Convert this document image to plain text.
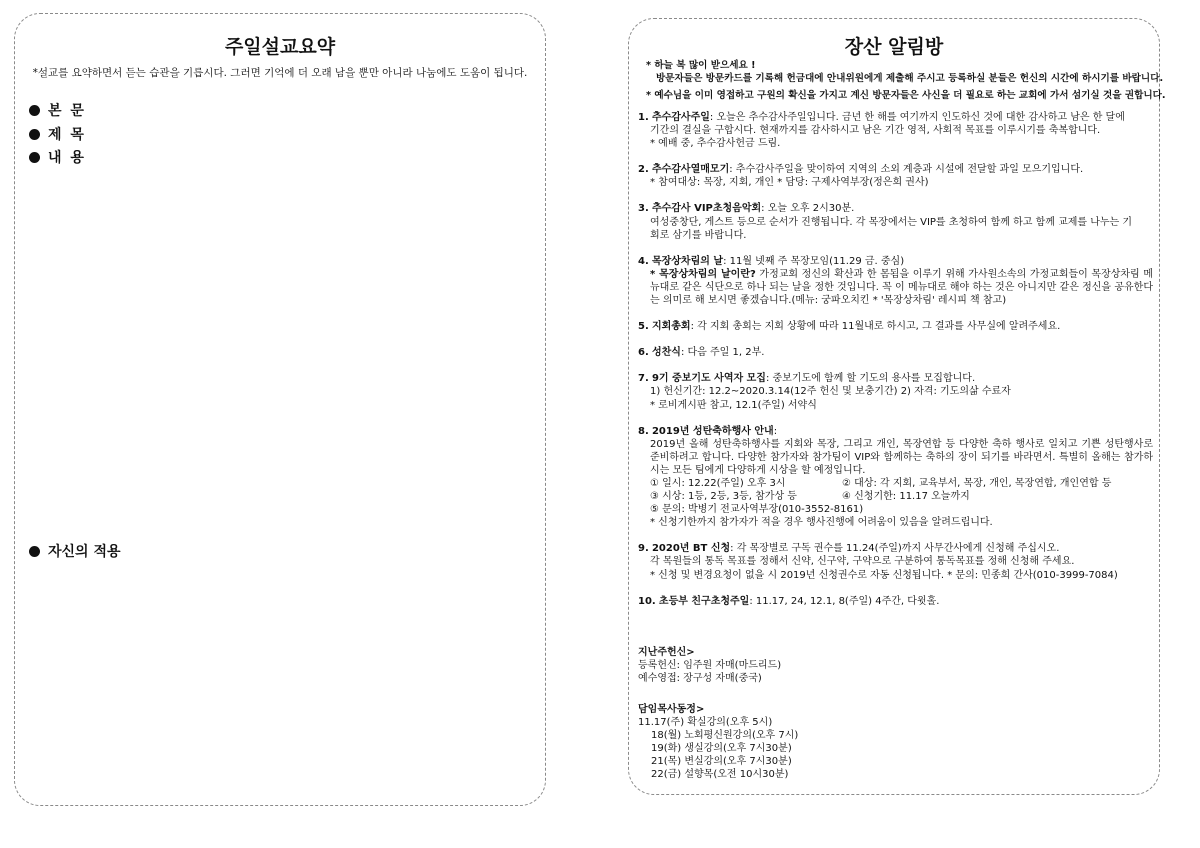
주일설교요약

*설교를 요약하면서 듣는 습관을 기릅시다. 그러면 기억에 더 오래 남을 뿐만 아니라 나눔에도 도움이 됩니다.

본 문
제 목
내 용
자신의 적용
장산 알림방
* 하늘 복 많이 받으세요 !
방문자들은 방문카드를 기록해 헌금대에 안내위원에게 제출해 주시고 등록하실 분들은 헌신의 시간에 하시기를 바랍니다.
* 예수님을 이미 영접하고 구원의 확신을 가지고 계신 방문자들은 사신을 더 필요로 하는 교회에 가서 섬기실 것을 권합니다.
1. 추수감사주일: 오늘은 추수감사주일입니다. 금년 한 해를 여기까지 인도하신 것에 대한 감사하고 남은 한 달에
기간의 결실을 구합시다. 현재까지를 감사하시고 남은 기간 영적, 사회적 목표를 이루시기를 축복합니다.
* 예배 중, 추수감사헌금 드림.
2. 추수감사열매모기: 추수감사주일을 맞이하여 지역의 소외 계층과 시설에 전달할 과일 모으기입니다.
* 참여대상: 목장, 지회, 개인 * 담당: 구제사역부장(정은희 권사)
3. 추수감사 VIP초청음악회: 오늘 오후 2시30분.
여성중창단, 게스트 등으로 순서가 진행됩니다. 각 목장에서는 VIP를 초청하여 함께 하고 함께 교제를 나누는 기
회로 삼기를 바랍니다.
4. 목장상차림의 날: 11월 넷째 주 목장모임(11.29 금. 중심)
* 목장상차림의 날이란? 가정교회 정신의 확산과 한 몸됨을 이루기 위해 가사원소속의 가정교회들이 목장상차림 메뉴대로 같은 식단으로 하나 되는 날을 정한 것입니다. 꼭 이 메뉴대로 해야 하는 것은 아니지만 같은 정신을 공유한다는 의미로 해 보시면 좋겠습니다.(메뉴: 궁파오치킨 * '목장상차림' 레시피 책 참고)
5. 지회총회: 각 지회 총회는 지회 상황에 따라 11월내로 하시고, 그 결과를 사무실에 알려주세요.
6. 성찬식: 다음 주일 1, 2부.
7. 9기 중보기도 사역자 모집: 중보기도에 함께 할 기도의 용사를 모집합니다.
1) 헌신기간: 12.2~2020.3.14(12주 헌신 및 보충기간) 2) 자격: 기도의삶 수료자
* 로비게시판 참고, 12.1(주일) 서약식
8. 2019년 성탄축하행사 안내:
2019년 올해 성탄축하행사를 지회와 목장, 그리고 개인, 목장연합 등 다양한 축하 행사로 일치고 기쁜 성탄행사로 준비하려고 합니다. 다양한 참가자와 참가팀이 VIP와 함께하는 축하의 장이 되기를 바라면서. 특별히 올해는 참가하시는 모든 팀에게 다양하게 시상을 할 예정입니다.
① 일시: 12.22(주일) 오후 3시	② 대상: 각 지회, 교육부서, 목장, 개인, 목장연합, 개인연합 등
③ 시상: 1등, 2등, 3등, 참가상 등	④ 신청기한: 11.17 오늘까지
⑤ 문의: 박병기 전교사역부장(010-3552-8161)
* 신청기한까지 참가자가 적을 경우 행사진행에 어려움이 있음을 알려드립니다.
9. 2020년 BT 신청: 각 목장별로 구독 권수를 11.24(주일)까지 사무간사에게 신청해 주십시오.
각 목원들의 통독 목표를 정해서 신약, 신구약, 구약으로 구분하여 통독목표를 정해 신청해 주세요.
* 신청 및 변경요청이 없을 시 2019년 신청권수로 자동 신청됩니다. * 문의: 민종희 간사(010-3999-7084)
10. 초등부 친구초청주일: 11.17, 24, 12.1, 8(주일) 4주간, 다윗홀.
지난주헌신>
등록헌신: 임주원 자매(마드리드)
예수영접: 장구성 자매(중국)
담임목사동정>
11.17(주) 확실강의(오후 5시)
18(월) 노회평신원강의(오후 7시)
19(화) 생실강의(오후 7시30분)
21(목) 변실강의(오후 7시30분)
22(금) 설향목(오전 10시30분)
